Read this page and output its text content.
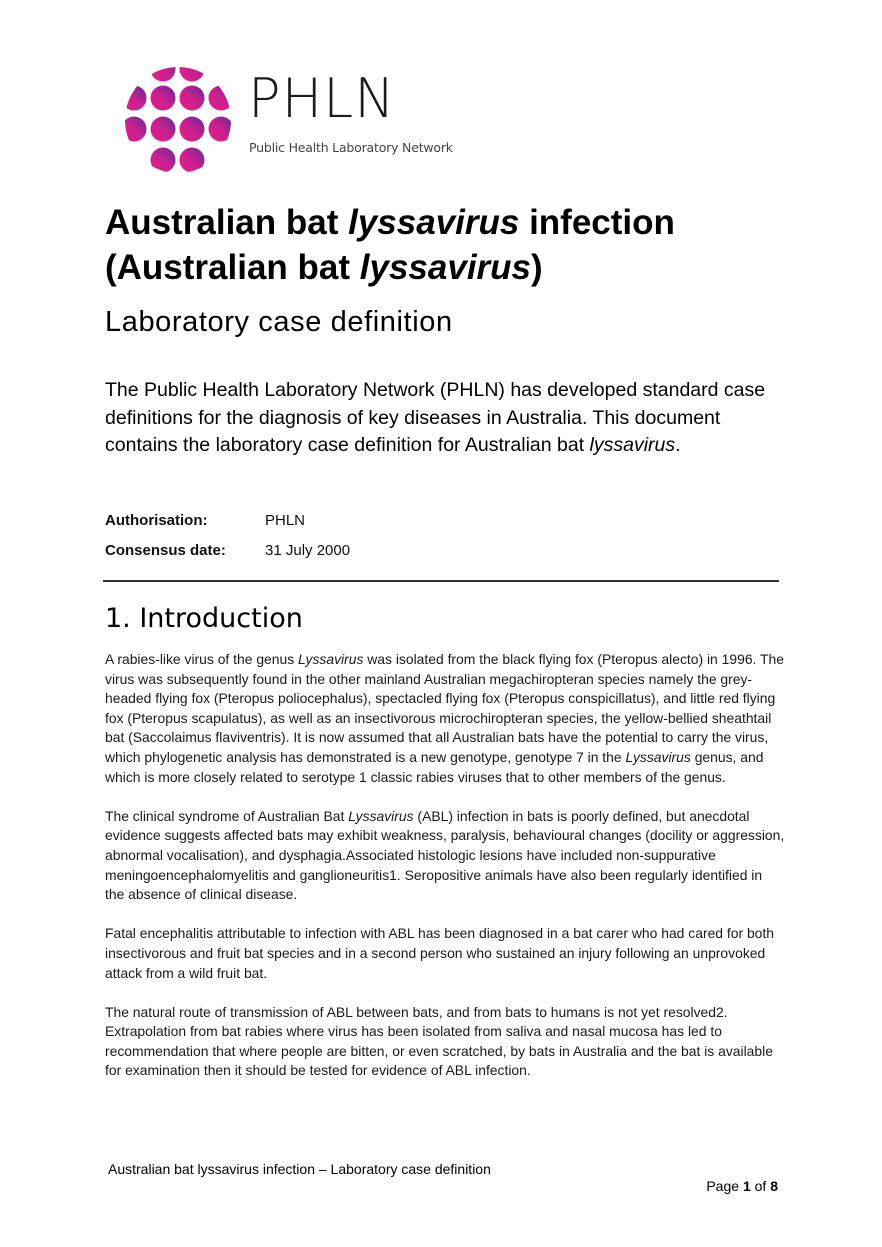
PHLN
Public Health Laboratory Network
Australian bat lyssavirus infection
(Australian bat lyssavirus)
Laboratory case definition
The Public Health Laboratory Network (PHLN) has developed standard case definitions for the diagnosis of key diseases in Australia. This document contains the laboratory case definition for Australian bat lyssavirus.
Authorisation:	PHLN
Consensus date:	31 July 2000
1. Introduction

A rabies-like virus of the genus Lyssavirus was isolated from the black flying fox (Pteropus alecto) in 1996. The virus was subsequently found in the other mainland Australian megachiropteran species namely the grey-headed flying fox (Pteropus poliocephalus), spectacled flying fox (Pteropus conspicillatus), and little red flying fox (Pteropus scapulatus), as well as an insectivorous microchiropteran species, the yellow-bellied sheathtail bat (Saccolaimus flaviventris). It is now assumed that all Australian bats have the potential to carry the virus, which phylogenetic analysis has demonstrated is a new genotype, genotype 7 in the Lyssavirus genus, and which is more closely related to serotype 1 classic rabies viruses that to other members of the genus.

The clinical syndrome of Australian Bat Lyssavirus (ABL) infection in bats is poorly defined, but anecdotal evidence suggests affected bats may exhibit weakness, paralysis, behavioural changes (docility or aggression, abnormal vocalisation), and dysphagia.Associated histologic lesions have included non-suppurative meningoencephalomyelitis and ganglioneuritis1. Seropositive animals have also been regularly identified in the absence of clinical disease.

Fatal encephalitis attributable to infection with ABL has been diagnosed in a bat carer who had cared for both insectivorous and fruit bat species and in a second person who sustained an injury following an unprovoked attack from a wild fruit bat.

The natural route of transmission of ABL between bats, and from bats to humans is not yet resolved2. Extrapolation from bat rabies where virus has been isolated from saliva and nasal mucosa has led to recommendation that where people are bitten, or even scratched, by bats in Australia and the bat is available for examination then it should be tested for evidence of ABL infection.

Australian bat lyssavirus infection – Laboratory case definition
Page 1 of 8
